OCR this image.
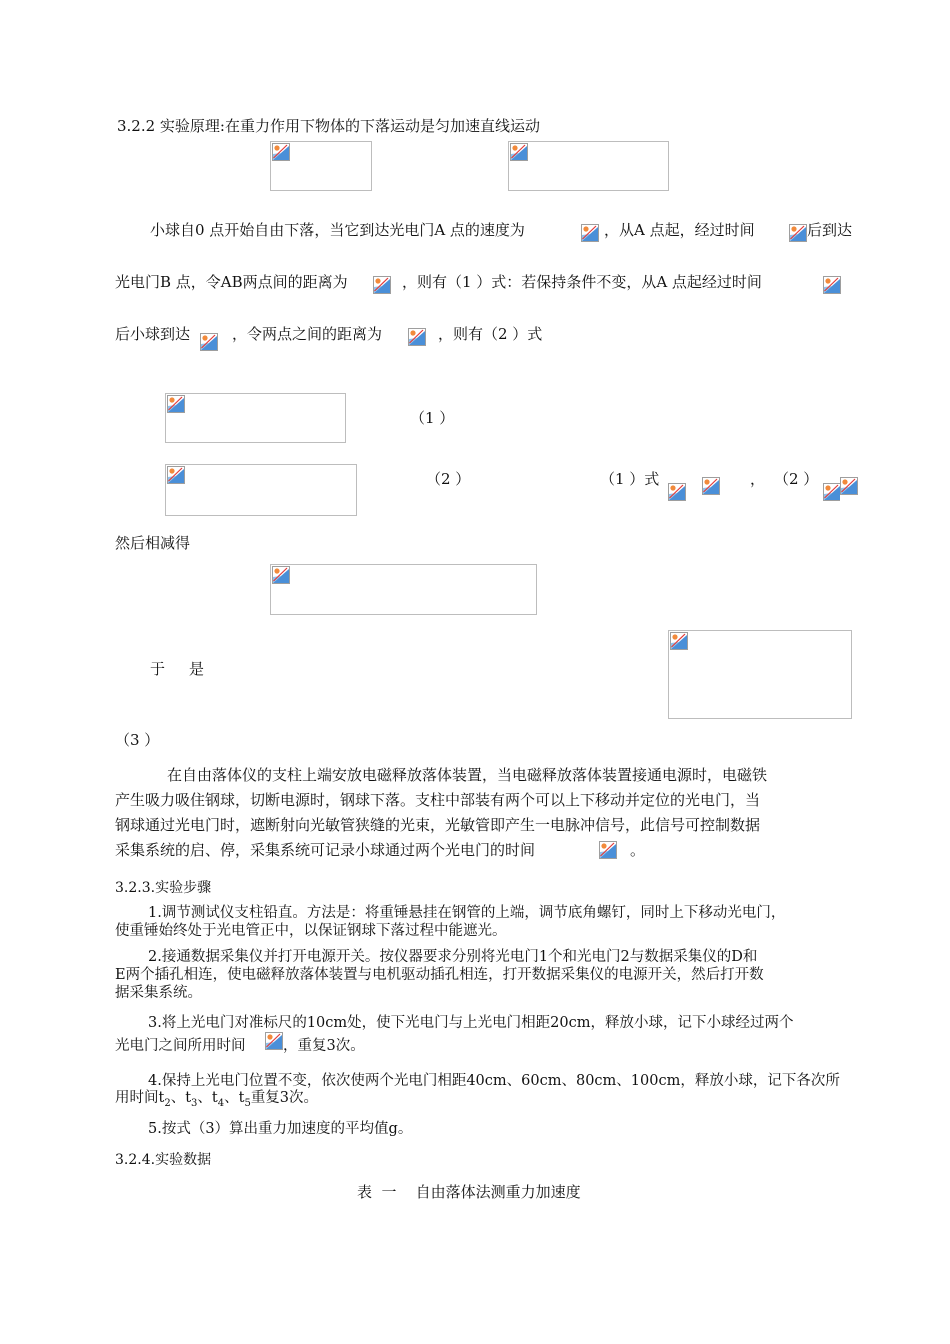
3.2.2 实验原理:在重力作用下物体的下落运动是匀加速直线运动
小球自0 点开始自由下落，当它到达光电门A 点的速度为	，从A 点起，经过时间	后到达
光电门B 点，令AB两点间的距离为	，则有（1 ）式：若保持条件不变，从A 点起经过时间
后小球到达	，令两点之间的距离为	，则有（2 ）式
（1 ）
（2 ）	（1 ）式	， （2 ）
然后相减得
于 是
（3 ）
在自由落体仪的支柱上端安放电磁释放落体装置，当电磁释放落体装置接通电源时，电磁铁
产生吸力吸住钢球，切断电源时，钢球下落。支柱中部装有两个可以上下移动并定位的光电门，当
钢球通过光电门时，遮断射向光敏管狭缝的光束，光敏管即产生一电脉冲信号，此信号可控制数据
采集系统的启、停，采集系统可记录小球通过两个光电门的时间	。
3.2.3.实验步骤
1.调节测试仪支柱铅直。方法是：将重锤悬挂在钢管的上端，调节底角螺钉，同时上下移动光电门，
使重锤始终处于光电管正中，以保证钢球下落过程中能遮光。
2.接通数据采集仪并打开电源开关。按仪器要求分别将光电门1个和光电门2与数据采集仪的D和
E两个插孔相连，使电磁释放落体装置与电机驱动插孔相连，打开数据采集仪的电源开关，然后打开数
据采集系统。
3.将上光电门对准标尺的10cm处，使下光电门与上光电门相距20cm，释放小球，记下小球经过两个
光电门之间所用时间	，重复3次。
4.保持上光电门位置不变，依次使两个光电门相距40cm、60cm、80cm、100cm，释放小球，记下各次所
用时间$t_2$、$t_3$、$t_4$、$t_5$重复3次。
5.按式（3）算出重力加速度的平均值g。
3.2.4.实验数据
表  一    自由落体法测重力加速度
